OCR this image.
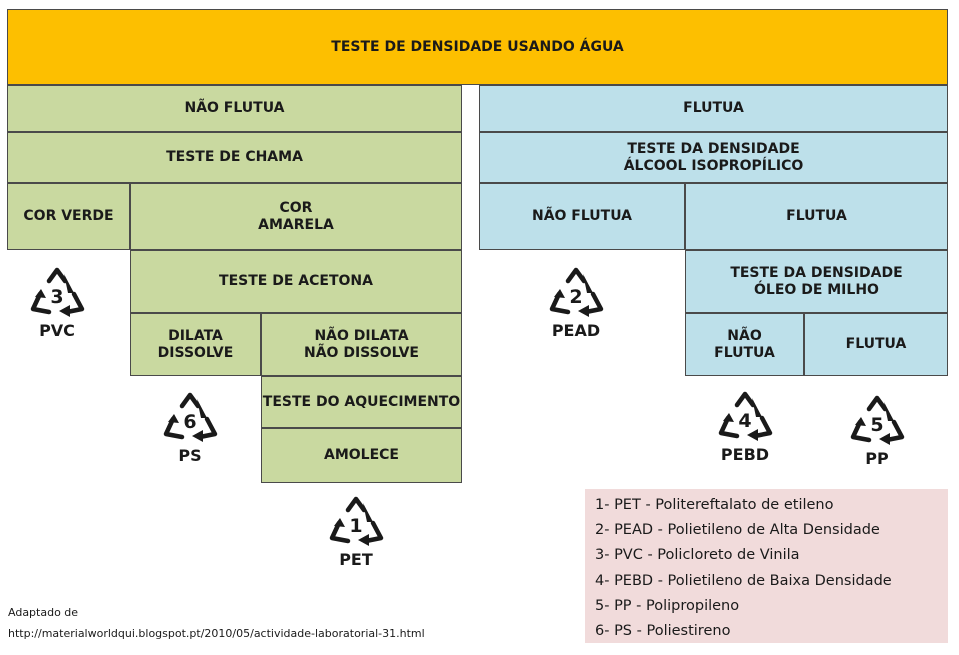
TESTE DE DENSIDADE USANDO ÁGUA
NÃO FLUTUA
TESTE DE CHAMA
COR VERDE
COR
AMARELA
TESTE DE ACETONA
DILATA
DISSOLVE
NÃO DILATA
NÃO DISSOLVE
TESTE DO AQUECIMENTO
AMOLECE
FLUTUA
TESTE DA DENSIDADE
ÁLCOOL ISOPROPÍLICO
NÃO FLUTUA	FLUTUA
TESTE DA DENSIDADE
ÓLEO DE MILHO
NÃO
FLUTUA
FLUTUA
3
PVC
6
PS
1
PET
2
PEAD
4
PEBD
5
PP
1- PET - Politereftalato de etileno
2- PEAD - Polietileno de Alta Densidade
3- PVC - Policloreto de Vinila
4- PEBD - Polietileno de Baixa Densidade
5- PP - Polipropileno
6- PS - Poliestireno
Adaptado de
http://materialworldqui.blogspot.pt/2010/05/actividade-laboratorial-31.html
